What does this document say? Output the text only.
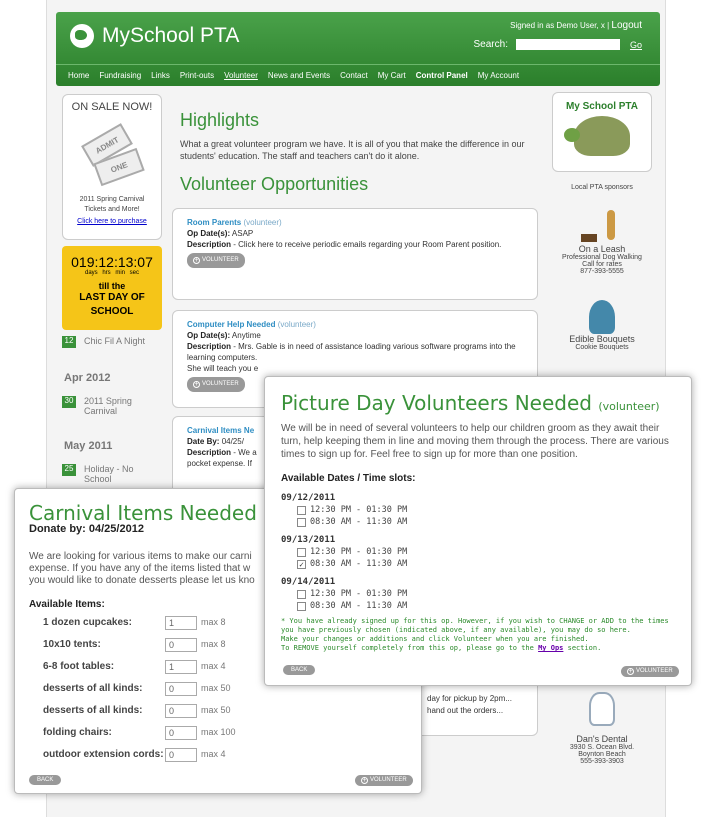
MySchool PTA	Signed in as Demo User, x | Logout
Search:	Go
Home Fundraising Links Print-outs Volunteer News and Events Contact My Cart Control Panel My Account
ON SALE NOW!
ADMIT
ONE
2011 Spring Carnival
Tickets and More!
Click here to purchase
019:12:13:07
days hrs min sec
till the
LAST DAY OF
SCHOOL
12 Chic Fil A Night
Apr 2012
30	2011 Spring
Carnival
May 2011
25	Holiday - No
School
Highlights
What a great volunteer program we have. It is all of you that make the difference in our students' education. The staff and teachers can't do it alone.
Volunteer Opportunities
Room Parents (volunteer)
Op Date(s): ASAP
Description - Click here to receive periodic emails regarding your Room Parent position.
+ VOLUNTEER
Computer Help Needed (volunteer)
Op Date(s): Anytime
Description - Mrs. Gable is in need of assistance loading various software programs into the learning computers.
She will teach you e
+ VOLUNTEER
Carnival Items Ne
Date By: 04/25/
Description - We a
pocket expense. If
day for pickup by 2pm...
hand out the orders...
My School PTA
Local PTA sponsors
On a Leash
Professional Dog Walking
Call for rates
877-393-5555
Edible Bouquets
Cookie Bouquets
Dan's Dental
3930 S. Ocean Blvd.
Boynton Beach
555-393-3903
Carnival Items Needed
Donate by: 04/25/2012
We are looking for various items to make our carni
expense. If you have any of the items listed that w
you would like to donate desserts please let us kno
Available Items:
1 dozen cupcakes:	1	max 8
10x10 tents:	0	max 8
6-8 foot tables:	1	max 4
desserts of all kinds:	0	max 50
desserts of all kinds:	0	max 50
folding chairs:	0	max 100
outdoor extension cords: 0	max 4
BACK	+ VOLUNTEER
Picture Day Volunteers Needed (volunteer)
We will be in need of several volunteers to help our children groom as they await their turn, help keeping them in line and moving them through the process. There are various times to sign up for. Feel free to sign up for more than one position.
Available Dates / Time slots:
09/12/2011
12:30 PM - 01:30 PM
08:30 AM - 11:30 AM
09/13/2011
12:30 PM - 01:30 PM
✓ 08:30 AM - 11:30 AM
09/14/2011
12:30 PM - 01:30 PM
08:30 AM - 11:30 AM
* You have already signed up for this op. However, if you wish to CHANGE or ADD to the times you have previously chosen (indicated above, if any available), you may do so here.
Make your changes or additions and click Volunteer when you are finished.
To REMOVE yourself completely from this op, please go to the My Ops section.
BACK	+ VOLUNTEER
